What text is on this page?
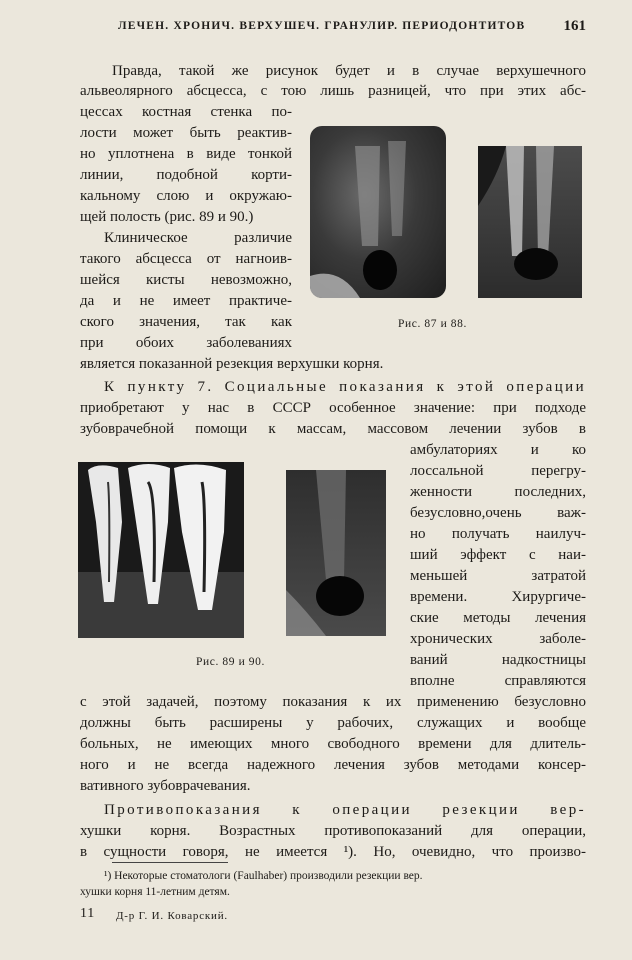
ЛЕЧЕН. ХРОНИЧ. ВЕРХУШЕЧ. ГРАНУЛИР. ПЕРИОДОНТИТОВ	161
Правда, такой же рисунок будет и в случае верхушечного
альвеолярного абсцесса, с тою лишь разницей, что при этих абс-
цессах костная стенка по-
лости может быть реактив-
но уплотнена в виде тонкой
линии, подобной корти-
кальному слою и окружаю-
щей полость (рис. 89 и 90.)
Клиническое различие
такого абсцесса от нагноив-
шейся кисты невозможно,
да и не имеет практиче-
ского значения, так как
при обоих заболеваниях
является показанной резекция верхушки корня.
Рис. 87 и 88.
К пункту 7. Социальные показания к этой операции
приобретают у нас в СССР особенное значение: при подходе
зубоврачебной помощи к массам, массовом лечении зубов в
амбулаториях и ко
лоссальной перегру-
женности последних,
безусловно,очень важ-
но получать наилуч-
ший эффект с наи-
меньшей затратой
времени. Хирургиче-
ские методы лечения
хронических заболе-
ваний надкостницы
вполне справляются
с этой задачей, поэтому показания к их применению безусловно
должны быть расширены у рабочих, служащих и вообще
больных, не имеющих много свободного времени для длитель-
ного и не всегда надежного лечения зубов методами консер-
вативного зубоврачевания.
Рис. 89 и 90.
Противопоказания к операции резекции вер-
хушки корня. Возрастных противопоказаний для операции,
в сущности говоря, не имеется ¹). Но, очевидно, что произво-
¹) Некоторые стоматологи (Faulhaber) производили резекции вер.
хушки корня 11-летним детям.
11 Д-р Г. И. Коварский.
